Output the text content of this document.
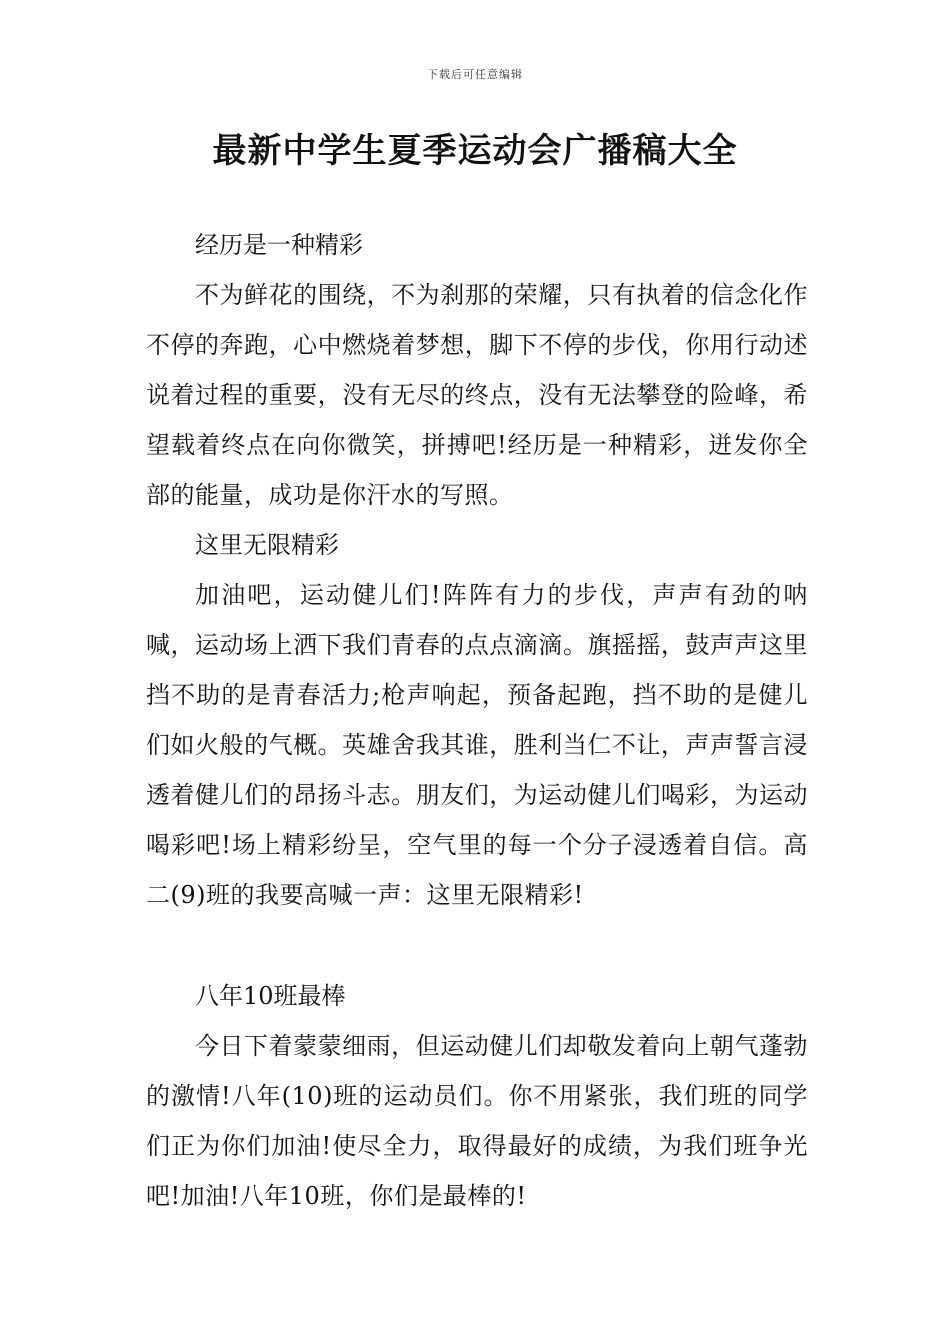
下载后可任意编辑
最新中学生夏季运动会广播稿大全

经历是一种精彩

不为鲜花的围绕，不为刹那的荣耀，只有执着的信念化作不停的奔跑，心中燃烧着梦想，脚下不停的步伐，你用行动述说着过程的重要，没有无尽的终点，没有无法攀登的险峰，希望载着终点在向你微笑，拼搏吧!经历是一种精彩，迸发你全部的能量，成功是你汗水的写照。

这里无限精彩

加油吧，运动健儿们!阵阵有力的步伐，声声有劲的呐喊，运动场上洒下我们青春的点点滴滴。旗摇摇，鼓声声这里挡不助的是青春活力;枪声响起，预备起跑，挡不助的是健儿们如火般的气概。英雄舍我其谁，胜利当仁不让，声声誓言浸透着健儿们的昂扬斗志。朋友们，为运动健儿们喝彩，为运动喝彩吧!场上精彩纷呈，空气里的每一个分子浸透着自信。高二(9)班的我要高喊一声：这里无限精彩!

八年10班最棒

今日下着蒙蒙细雨，但运动健儿们却敬发着向上朝气蓬勃的激情!八年(10)班的运动员们。你不用紧张，我们班的同学们正为你们加油!使尽全力，取得最好的成绩，为我们班争光吧!加油!八年10班，你们是最棒的!
